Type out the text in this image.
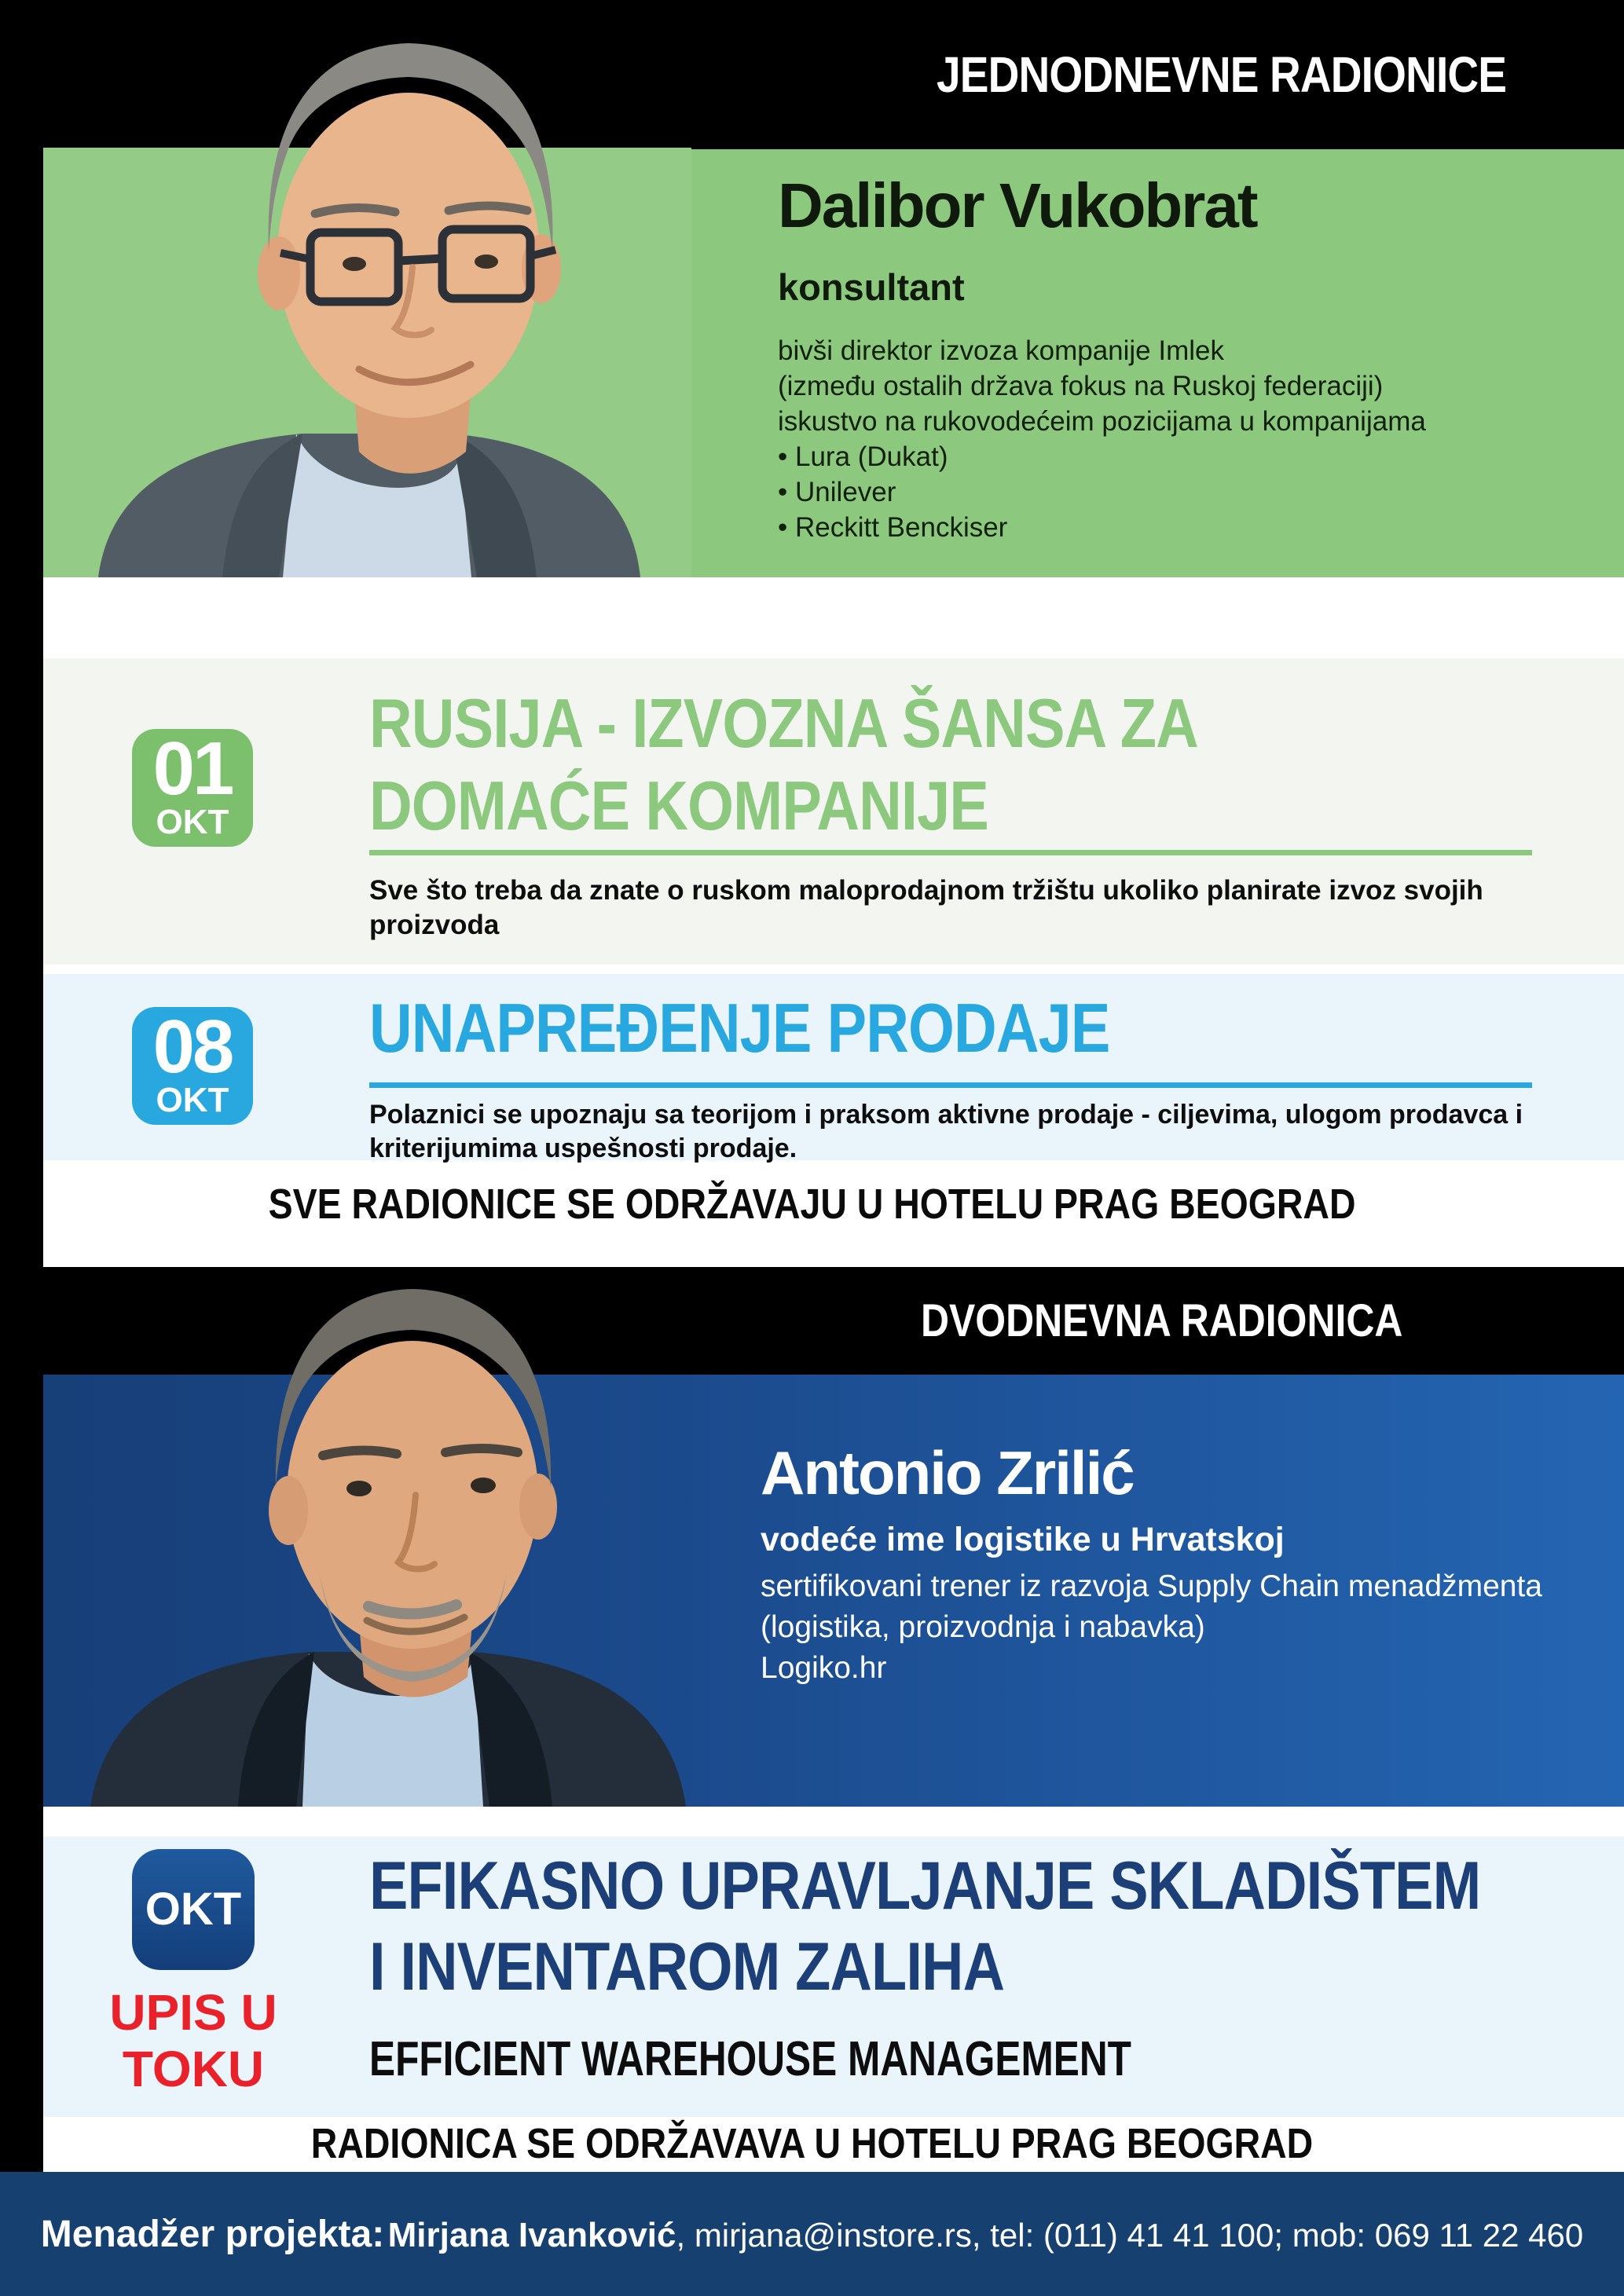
JEDNODNEVNE RADIONICE
Dalibor Vukobrat
konsultant
bivši direktor izvoza kompanije Imlek
(između ostalih država fokus na Ruskoj federaciji)
iskustvo na rukovodećeim pozicijama u kompanijama
• Lura (Dukat)
• Unilever
• Reckitt Benckiser
01
OKT
RUSIJA - IZVOZNA ŠANSA ZA
DOMAĆE KOMPANIJE
Sve što treba da znate o ruskom maloprodajnom tržištu ukoliko planirate izvoz svojih proizvoda
08
OKT
UNAPREĐENJE PRODAJE
Polaznici se upoznaju sa teorijom i praksom aktivne prodaje - ciljevima, ulogom prodavca i kriterijumima uspešnosti prodaje.
SVE RADIONICE SE ODRŽAVAJU U HOTELU PRAG BEOGRAD
DVODNEVNA RADIONICA
Antonio Zrilić
vodeće ime logistike u Hrvatskoj
sertifikovani trener iz razvoja Supply Chain menadžmenta
(logistika, proizvodnja i nabavka)
Logiko.hr
OKT
UPIS U
TOKU
EFIKASNO UPRAVLJANJE SKLADIŠTEM
I INVENTAROM ZALIHA
EFFICIENT WAREHOUSE MANAGEMENT
RADIONICA SE ODRŽAVAVA U HOTELU PRAG BEOGRAD
Menadžer projekta: Mirjana Ivanković, mirjana@instore.rs, tel: (011) 41 41 100; mob: 069 11 22 460
